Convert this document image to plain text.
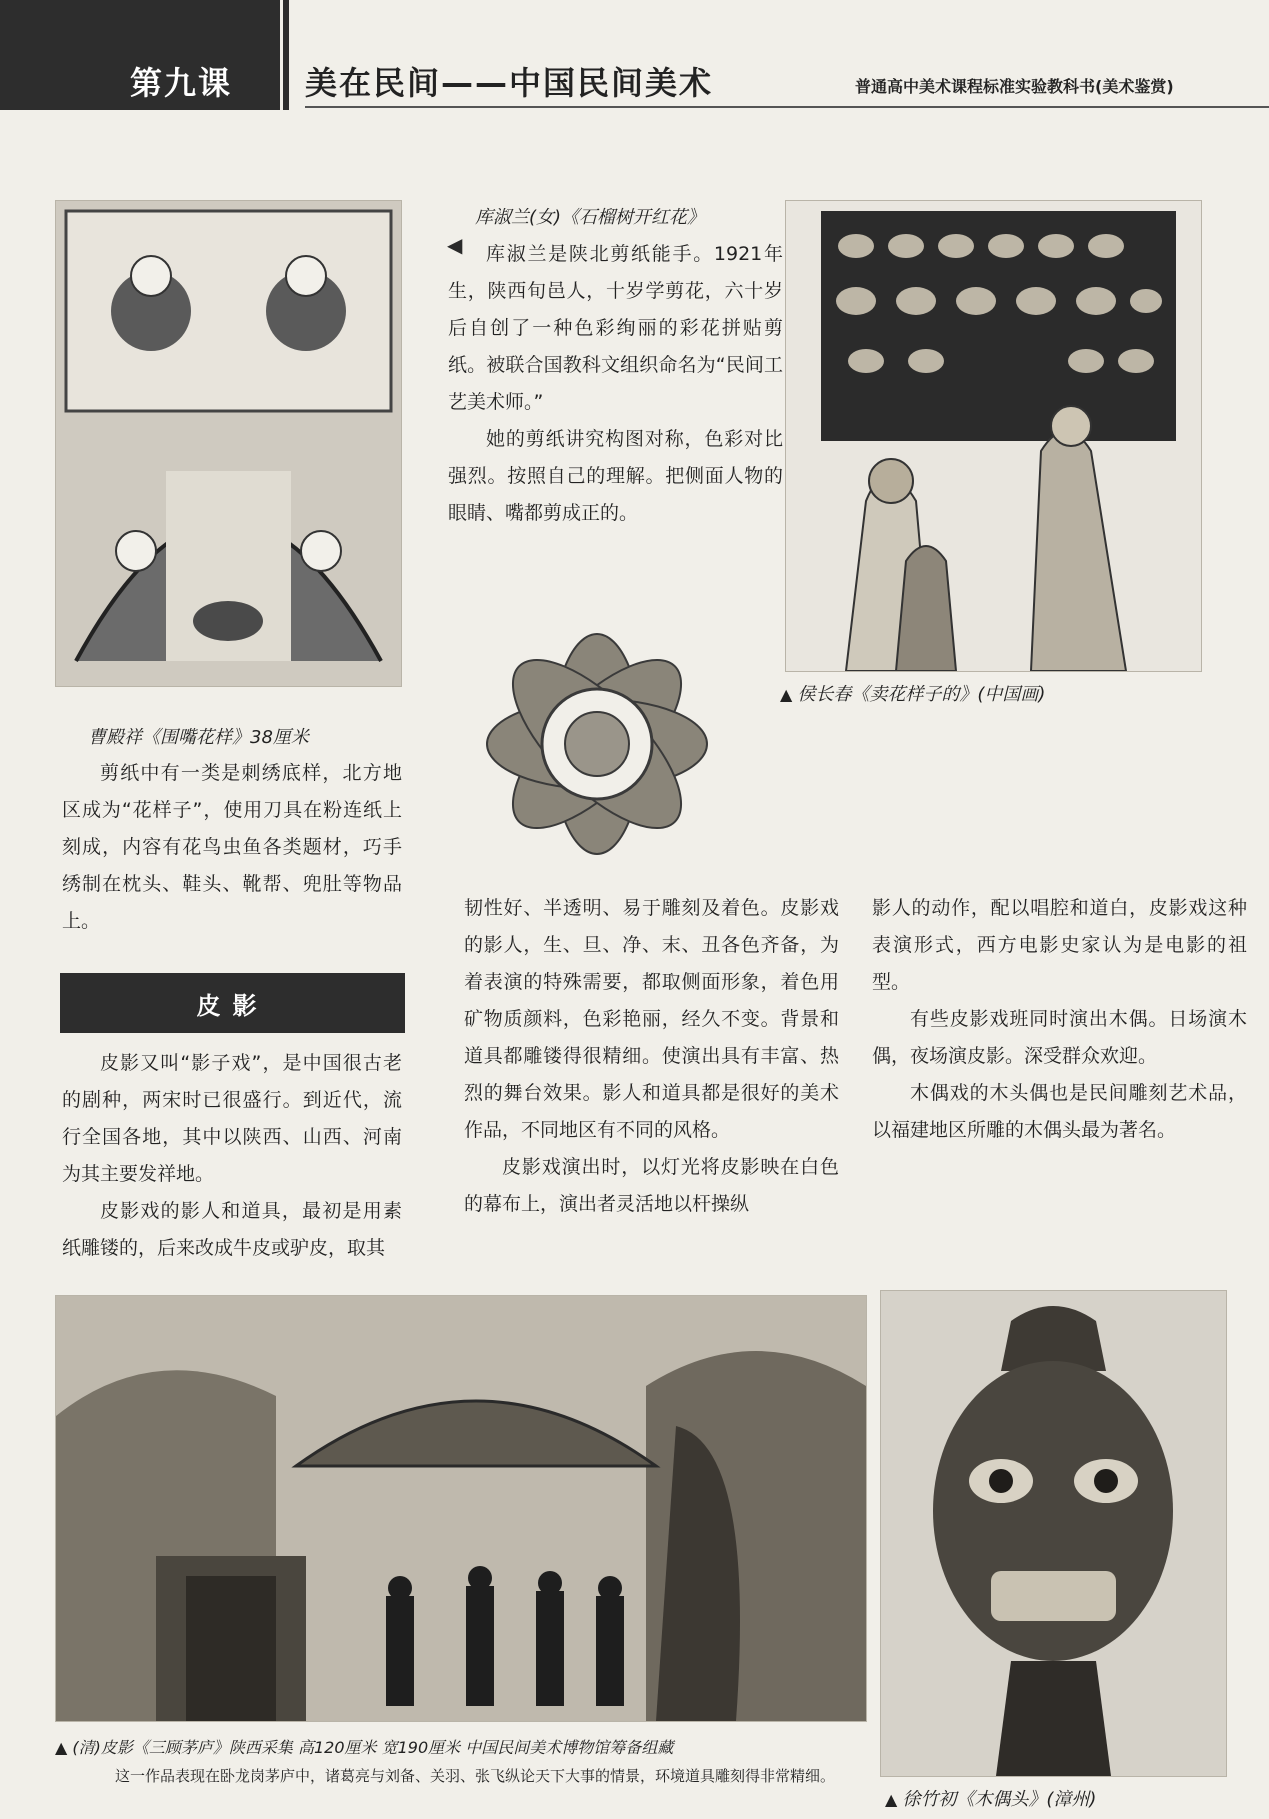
第九课 美在民间——中国民间美术	普通高中美术课程标准实验教科书(美术鉴赏)
曹殿祥《围嘴花样》38厘米

剪纸中有一类是刺绣底样，北方地区成为“花样子”，使用刀具在粉连纸上刻成，内容有花鸟虫鱼各类题材，巧手绣制在枕头、鞋头、靴帮、兜肚等物品上。

库淑兰(女)《石榴树开红花》
◀	库淑兰是陕北剪纸能手。1921年生，陕西旬邑人，十岁学剪花，六十岁后自创了一种色彩绚丽的彩花拼贴剪纸。被联合国教科文组织命名为“民间工艺美术师。”

她的剪纸讲究构图对称，色彩对比强烈。按照自己的理解。把侧面人物的眼睛、嘴都剪成正的。

▲ 侯长春《卖花样子的》(中国画)
皮影

皮影又叫“影子戏”，是中国很古老的剧种，两宋时已很盛行。到近代，流行全国各地，其中以陕西、山西、河南为其主要发祥地。

皮影戏的影人和道具，最初是用素纸雕镂的，后来改成牛皮或驴皮，取其

韧性好、半透明、易于雕刻及着色。皮影戏的影人，生、旦、净、末、丑各色齐备，为着表演的特殊需要，都取侧面形象，着色用矿物质颜料，色彩艳丽，经久不变。背景和道具都雕镂得很精细。使演出具有丰富、热烈的舞台效果。影人和道具都是很好的美术作品，不同地区有不同的风格。

皮影戏演出时，以灯光将皮影映在白色的幕布上，演出者灵活地以杆操纵

影人的动作，配以唱腔和道白，皮影戏这种表演形式，西方电影史家认为是电影的祖型。

有些皮影戏班同时演出木偶。日场演木偶，夜场演皮影。深受群众欢迎。

木偶戏的木头偶也是民间雕刻艺术品，以福建地区所雕的木偶头最为著名。

▲ (清)皮影《三顾茅庐》陕西采集 高120厘米 宽190厘米 中国民间美术博物馆筹备组藏
这一作品表现在卧龙岗茅庐中，诸葛亮与刘备、关羽、张飞纵论天下大事的情景，环境道具雕刻得非常精细。
▲ 徐竹初《木偶头》(漳州)
